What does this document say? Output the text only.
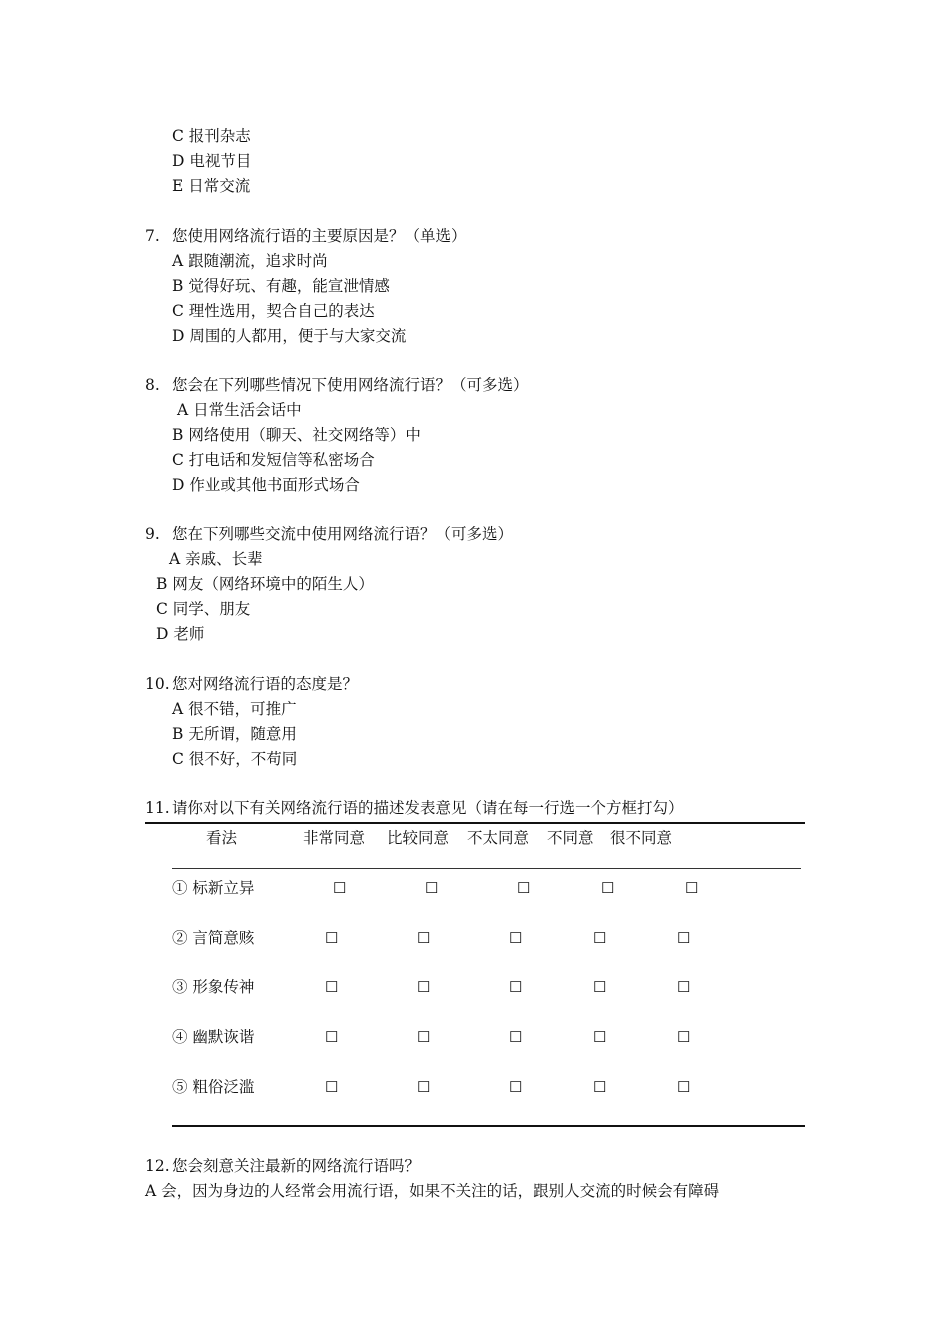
C 报刊杂志
D 电视节目
E 日常交流
7. 您使用网络流行语的主要原因是？（单选）
A 跟随潮流，追求时尚
B 觉得好玩、有趣，能宣泄情感
C 理性选用，契合自己的表达
D 周围的人都用，便于与大家交流
8. 您会在下列哪些情况下使用网络流行语？（可多选）
A 日常生活会话中
B 网络使用（聊天、社交网络等）中
C 打电话和发短信等私密场合
D 作业或其他书面形式场合
9. 您在下列哪些交流中使用网络流行语？（可多选）
A 亲戚、长辈
B 网友（网络环境中的陌生人）
C 同学、朋友
D 老师
10. 您对网络流行语的态度是？
A 很不错，可推广
B 无所谓，随意用
C 很不好，不苟同
11. 请你对以下有关网络流行语的描述发表意见（请在每一行选一个方框打勾）
看法	非常同意 比较同意 不太同意 不同意 很不同意
① 标新立异	☐	☐	☐	☐	☐
② 言简意赅	☐	☐	☐	☐	☐
③ 形象传神	☐	☐	☐	☐	☐
④ 幽默诙谐	☐	☐	☐	☐	☐
⑤ 粗俗泛滥	☐	☐	☐	☐	☐
12. 您会刻意关注最新的网络流行语吗？
A 会，因为身边的人经常会用流行语，如果不关注的话，跟别人交流的时候会有障碍
